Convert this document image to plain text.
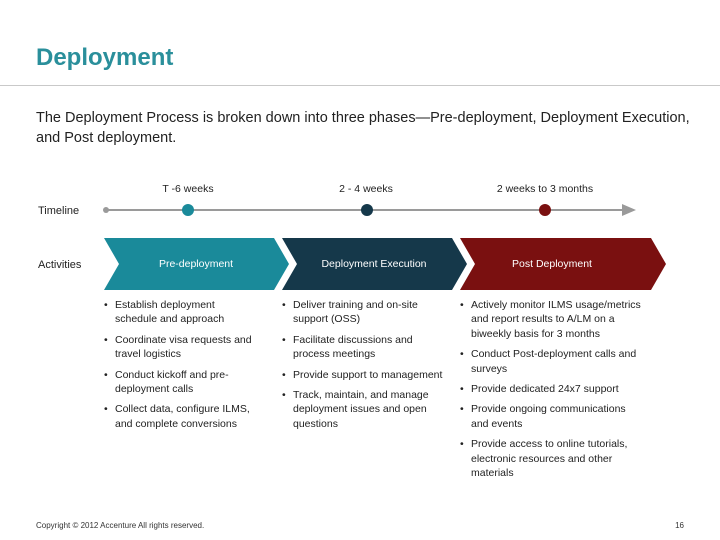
Deployment
The Deployment Process is broken down into three phases—Pre-deployment, Deployment Execution, and Post deployment.
T -6 weeks	2 - 4 weeks	2 weeks to 3 months
Timeline
Activities	Pre-deployment	Deployment Execution	Post Deployment
• Establish deployment schedule and approach
• Coordinate visa requests and travel logistics
• Conduct kickoff and pre-deployment calls
• Collect data, configure ILMS, and complete conversions
• Deliver training and on-site support (OSS)
• Facilitate discussions and process meetings
• Provide support to management
• Track, maintain, and manage deployment issues and open questions
• Actively monitor ILMS usage/metrics and report results to A/LM on a biweekly basis for 3 months
• Conduct Post-deployment calls and surveys
• Provide dedicated 24x7 support
• Provide ongoing communications and events
• Provide access to online tutorials, electronic resources and other materials
Copyright © 2012 Accenture All rights reserved.	16
